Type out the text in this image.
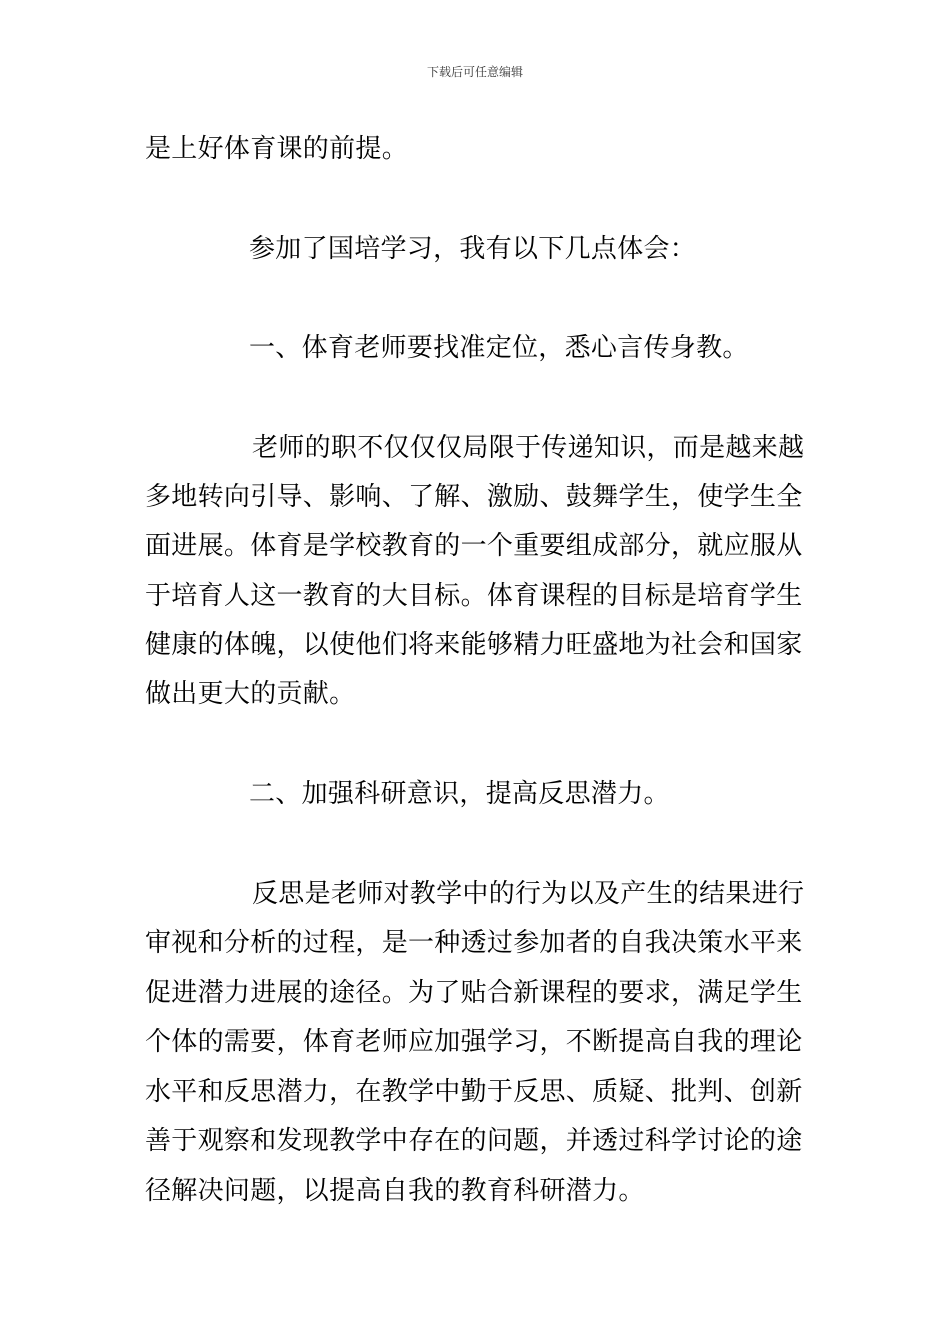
下载后可任意编辑
是上好体育课的前提。
参加了国培学习，我有以下几点体会：
一、体育老师要找准定位，悉心言传身教。
老师的职不仅仅仅局限于传递知识，而是越来越
多地转向引导、影响、了解、激励、鼓舞学生，使学生全
面进展。体育是学校教育的一个重要组成部分，就应服从
于培育人这一教育的大目标。体育课程的目标是培育学生
健康的体魄，以使他们将来能够精力旺盛地为社会和国家
做出更大的贡献。
二、加强科研意识，提高反思潜力。
反思是老师对教学中的行为以及产生的结果进行
审视和分析的过程，是一种透过参加者的自我决策水平来
促进潜力进展的途径。为了贴合新课程的要求，满足学生
个体的需要，体育老师应加强学习，不断提高自我的理论
水平和反思潜力，在教学中勤于反思、质疑、批判、创新
善于观察和发现教学中存在的问题，并透过科学讨论的途
径解决问题，以提高自我的教育科研潜力。
